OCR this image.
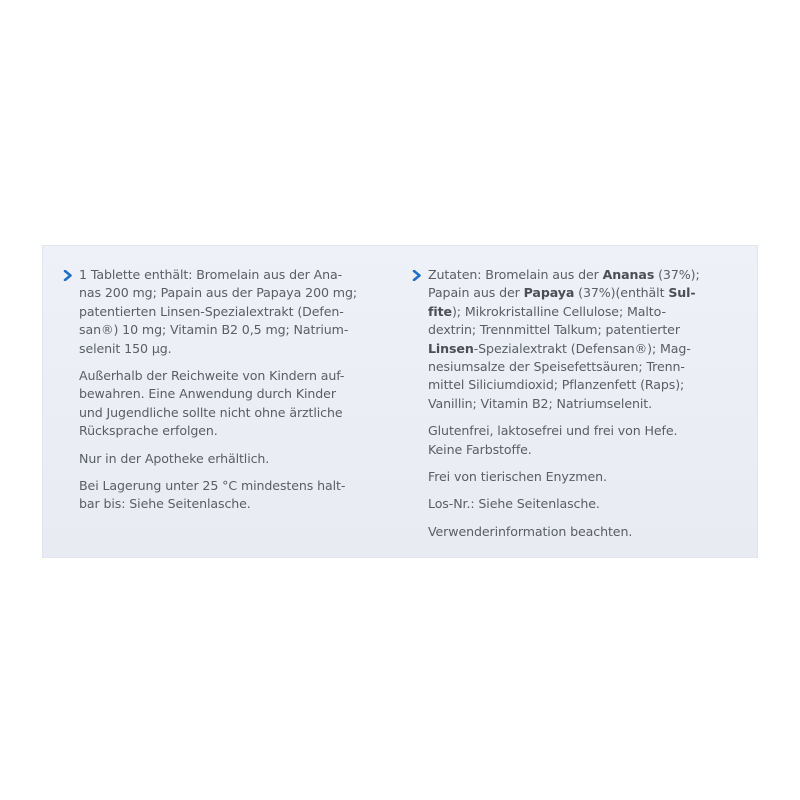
1 Tablette enthält: Bromelain aus der Ana-
nas 200 mg; Papain aus der Papaya 200 mg;
patentierten Linsen-Spezialextrakt (Defen-
san®) 10 mg; Vitamin B2 0,5 mg; Natrium-
selenit 150 µg.
Außerhalb der Reichweite von Kindern auf-
bewahren. Eine Anwendung durch Kinder
und Jugendliche sollte nicht ohne ärztliche
Rücksprache erfolgen.
Nur in der Apotheke erhältlich.
Bei Lagerung unter 25 °C mindestens halt-
bar bis: Siehe Seitenlasche.
Zutaten: Bromelain aus der Ananas (37%);
Papain aus der Papaya (37%)(enthält Sul-
fite); Mikrokristalline Cellulose; Malto-
dextrin; Trennmittel Talkum; patentierter
Linsen-Spezialextrakt (Defensan®); Mag-
nesiumsalze der Speisefettsäuren; Trenn-
mittel Siliciumdioxid; Pflanzenfett (Raps);
Vanillin; Vitamin B2; Natriumselenit.
Glutenfrei, laktosefrei und frei von Hefe.
Keine Farbstoffe.
Frei von tierischen Enyzmen.
Los-Nr.: Siehe Seitenlasche.
Verwenderinformation beachten.
